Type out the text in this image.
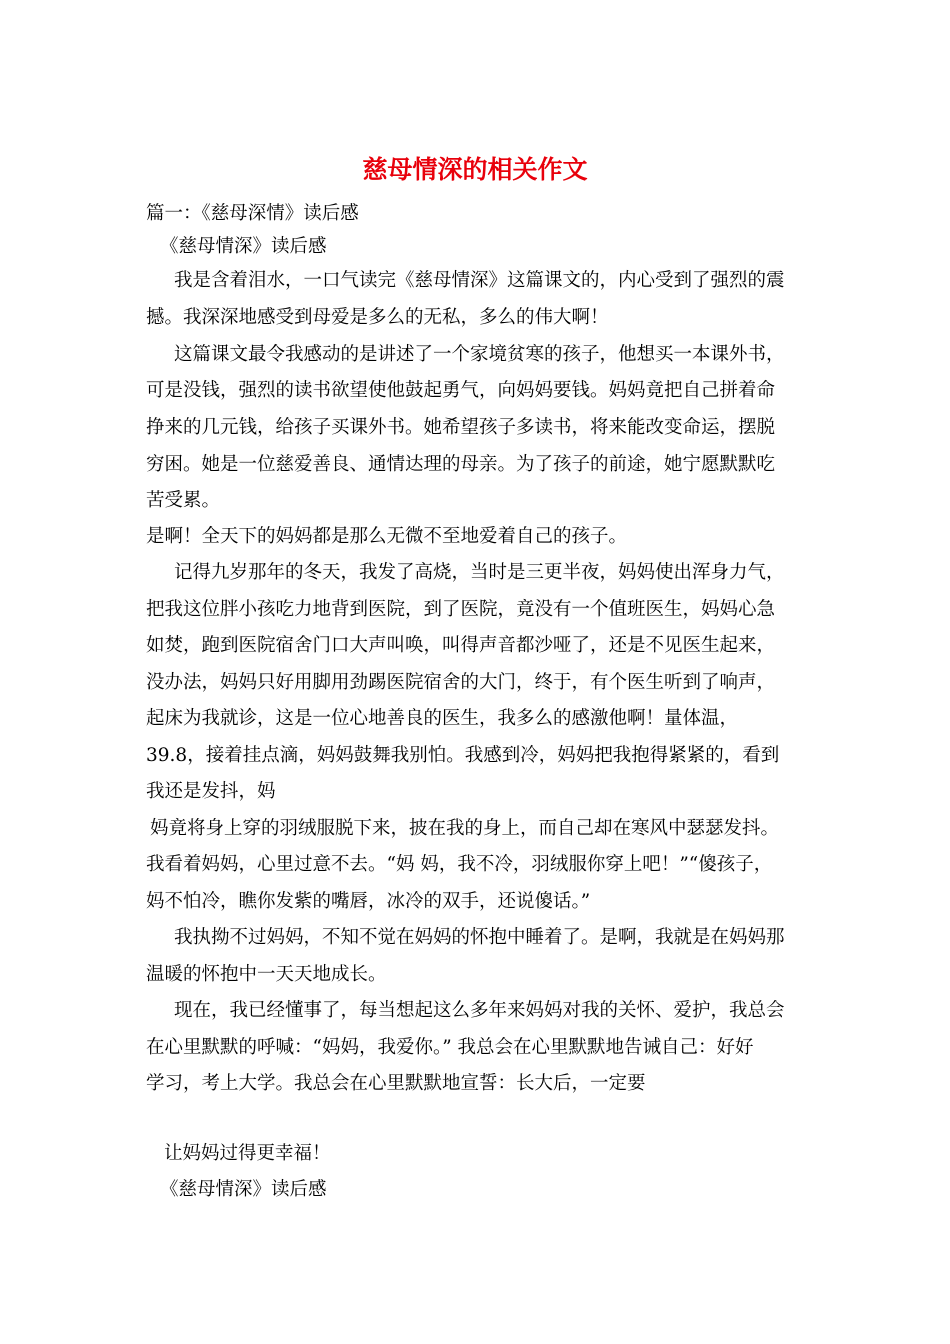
慈母情深的相关作文
篇一：《慈母深情》读后感
《慈母情深》读后感
我是含着泪水，一口气读完《慈母情深》这篇课文的，内心受到了强烈的震
撼。我深深地感受到母爱是多么的无私，多么的伟大啊！
这篇课文最令我感动的是讲述了一个家境贫寒的孩子，他想买一本课外书，
可是没钱，强烈的读书欲望使他鼓起勇气，向妈妈要钱。妈妈竟把自己拼着命
挣来的几元钱，给孩子买课外书。她希望孩子多读书，将来能改变命运，摆脱
穷困。她是一位慈爱善良、通情达理的母亲。为了孩子的前途，她宁愿默默吃
苦受累。
是啊！全天下的妈妈都是那么无微不至地爱着自己的孩子。
记得九岁那年的冬天，我发了高烧，当时是三更半夜，妈妈使出浑身力气，
把我这位胖小孩吃力地背到医院，到了医院，竟没有一个值班医生，妈妈心急
如焚，跑到医院宿舍门口大声叫唤，叫得声音都沙哑了，还是不见医生起来，
没办法，妈妈只好用脚用劲踢医院宿舍的大门，终于，有个医生听到了响声，
起床为我就诊，这是一位心地善良的医生，我多么的感激他啊！量体温，
39.8，接着挂点滴，妈妈鼓舞我别怕。我感到冷，妈妈把我抱得紧紧的，看到
我还是发抖，妈
妈竟将身上穿的羽绒服脱下来，披在我的身上，而自己却在寒风中瑟瑟发抖。
我看着妈妈，心里过意不去。“妈 妈，我不冷，羽绒服你穿上吧！”“傻孩子，
妈不怕冷，瞧你发紫的嘴唇，冰冷的双手，还说傻话。”
我执拗不过妈妈，不知不觉在妈妈的怀抱中睡着了。是啊，我就是在妈妈那
温暖的怀抱中一天天地成长。
现在，我已经懂事了，每当想起这么多年来妈妈对我的关怀、爱护，我总会
在心里默默的呼喊：“妈妈，我爱你。” 我总会在心里默默地告诫自己：好好
学习，考上大学。我总会在心里默默地宣誓：长大后，一定要
让妈妈过得更幸福！
《慈母情深》读后感
